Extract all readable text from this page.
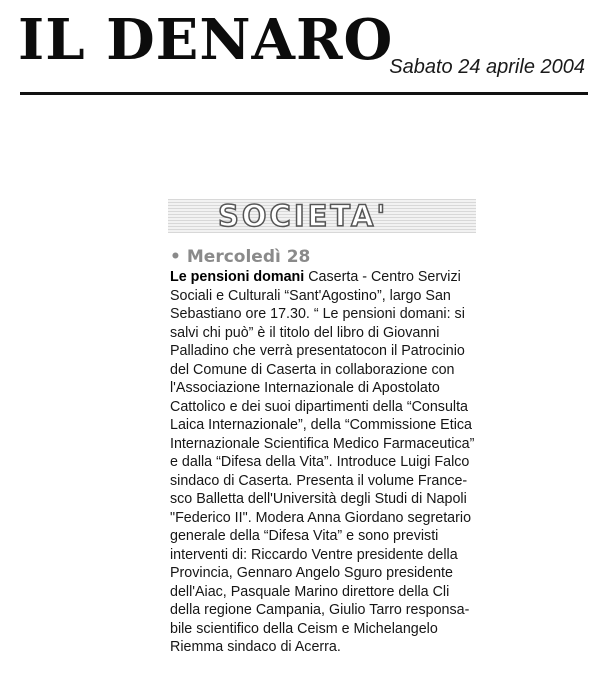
IL DENARO
Sabato 24 aprile 2004
SOCIETA'
• Mercoledì 28

Le pensioni domani Caserta - Centro Servizi
Sociali e Culturali “Sant'Agostino”, largo San
Sebastiano ore 17.30. “ Le pensioni domani: si
salvi chi può” è il titolo del libro di Giovanni
Palladino che verrà presentatocon il Patrocinio
del Comune di Caserta in collaborazione con
l'Associazione Internazionale di Apostolato
Cattolico e dei suoi dipartimenti della “Consulta
Laica Internazionale”, della “Commissione Etica
Internazionale Scientifica Medico Farmaceutica”
e dalla “Difesa della Vita”. Introduce Luigi Falco
sindaco di Caserta. Presenta il volume France-
sco Balletta dell'Università degli Studi di Napoli
"Federico II". Modera Anna Giordano segretario
generale della “Difesa Vita” e sono previsti
interventi di: Riccardo Ventre presidente della
Provincia, Gennaro Angelo Sguro presidente
dell'Aiac, Pasquale Marino direttore della Cli
della regione Campania, Giulio Tarro responsa-
bile scientifico della Ceism e Michelangelo
Riemma sindaco di Acerra.
